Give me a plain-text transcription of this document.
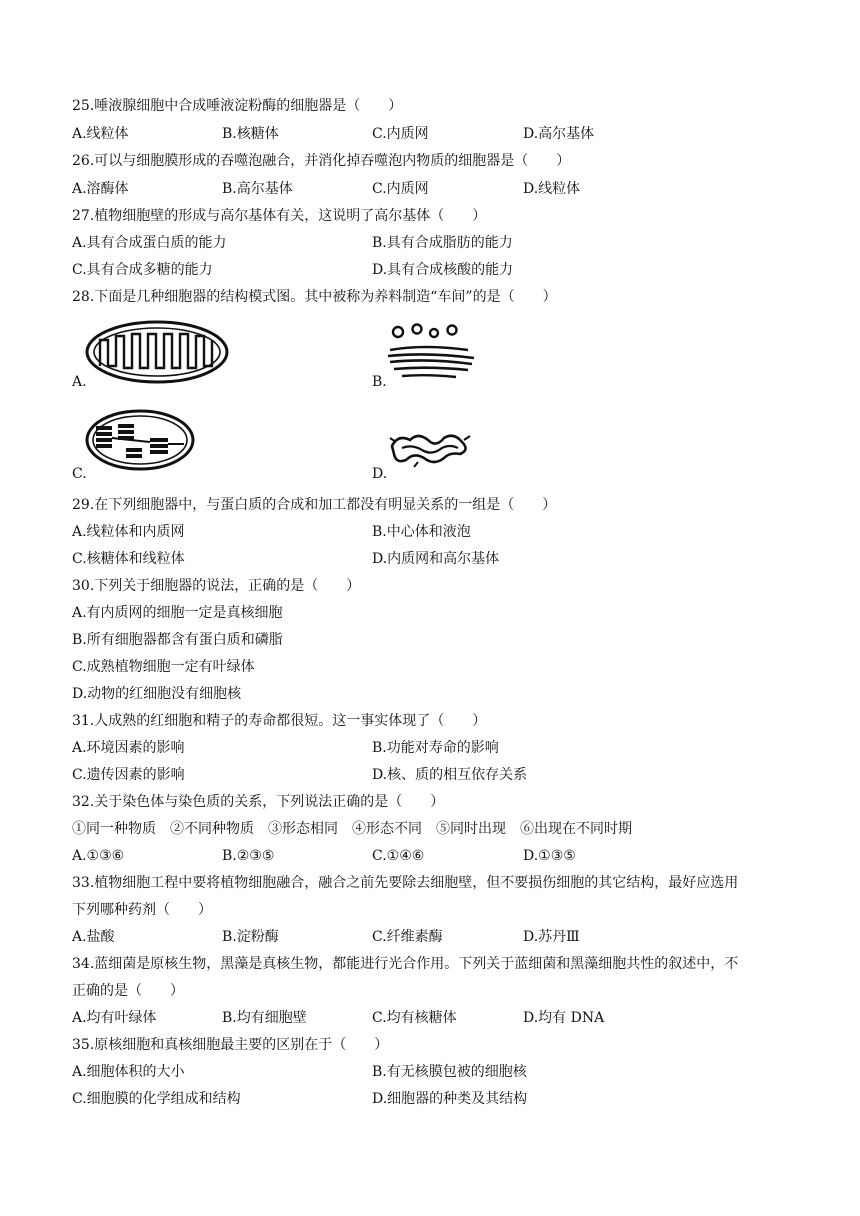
25.唾液腺细胞中合成唾液淀粉酶的细胞器是（　　）
A.线粒体	B.核糖体	C.内质网	D.高尔基体
26.可以与细胞膜形成的吞噬泡融合，并消化掉吞噬泡内物质的细胞器是（　　）
A.溶酶体	B.高尔基体	C.内质网	D.线粒体
27.植物细胞壁的形成与高尔基体有关，这说明了高尔基体（　　）
A.具有合成蛋白质的能力	B.具有合成脂肪的能力
C.具有合成多糖的能力	D.具有合成核酸的能力
28.下面是几种细胞器的结构模式图。其中被称为养料制造“车间”的是（　　）
A.	B.
C.	D.
29.在下列细胞器中，与蛋白质的合成和加工都没有明显关系的一组是（　　）
A.线粒体和内质网	B.中心体和液泡
C.核糖体和线粒体	D.内质网和高尔基体
30.下列关于细胞器的说法，正确的是（　　）
A.有内质网的细胞一定是真核细胞
B.所有细胞器都含有蛋白质和磷脂
C.成熟植物细胞一定有叶绿体
D.动物的红细胞没有细胞核
31.人成熟的红细胞和精子的寿命都很短。这一事实体现了（　　）
A.环境因素的影响	B.功能对寿命的影响
C.遗传因素的影响	D.核、质的相互依存关系
32.关于染色体与染色质的关系，下列说法正确的是（　　）
①同一种物质　②不同种物质　③形态相同　④形态不同　⑤同时出现　⑥出现在不同时期
A.①③⑥	B.②③⑤	C.①④⑥	D.①③⑤
33.植物细胞工程中要将植物细胞融合，融合之前先要除去细胞壁，但不要损伤细胞的其它结构，最好应选用
下列哪种药剂（　　）
A.盐酸	B.淀粉酶	C.纤维素酶	D.苏丹Ⅲ
34.蓝细菌是原核生物，黑藻是真核生物，都能进行光合作用。下列关于蓝细菌和黑藻细胞共性的叙述中，不
正确的是（　　）
A.均有叶绿体	B.均有细胞壁	C.均有核糖体	D.均有 DNA
35.原核细胞和真核细胞最主要的区别在于（　　）
A.细胞体积的大小	B.有无核膜包被的细胞核
C.细胞膜的化学组成和结构	D.细胞器的种类及其结构
